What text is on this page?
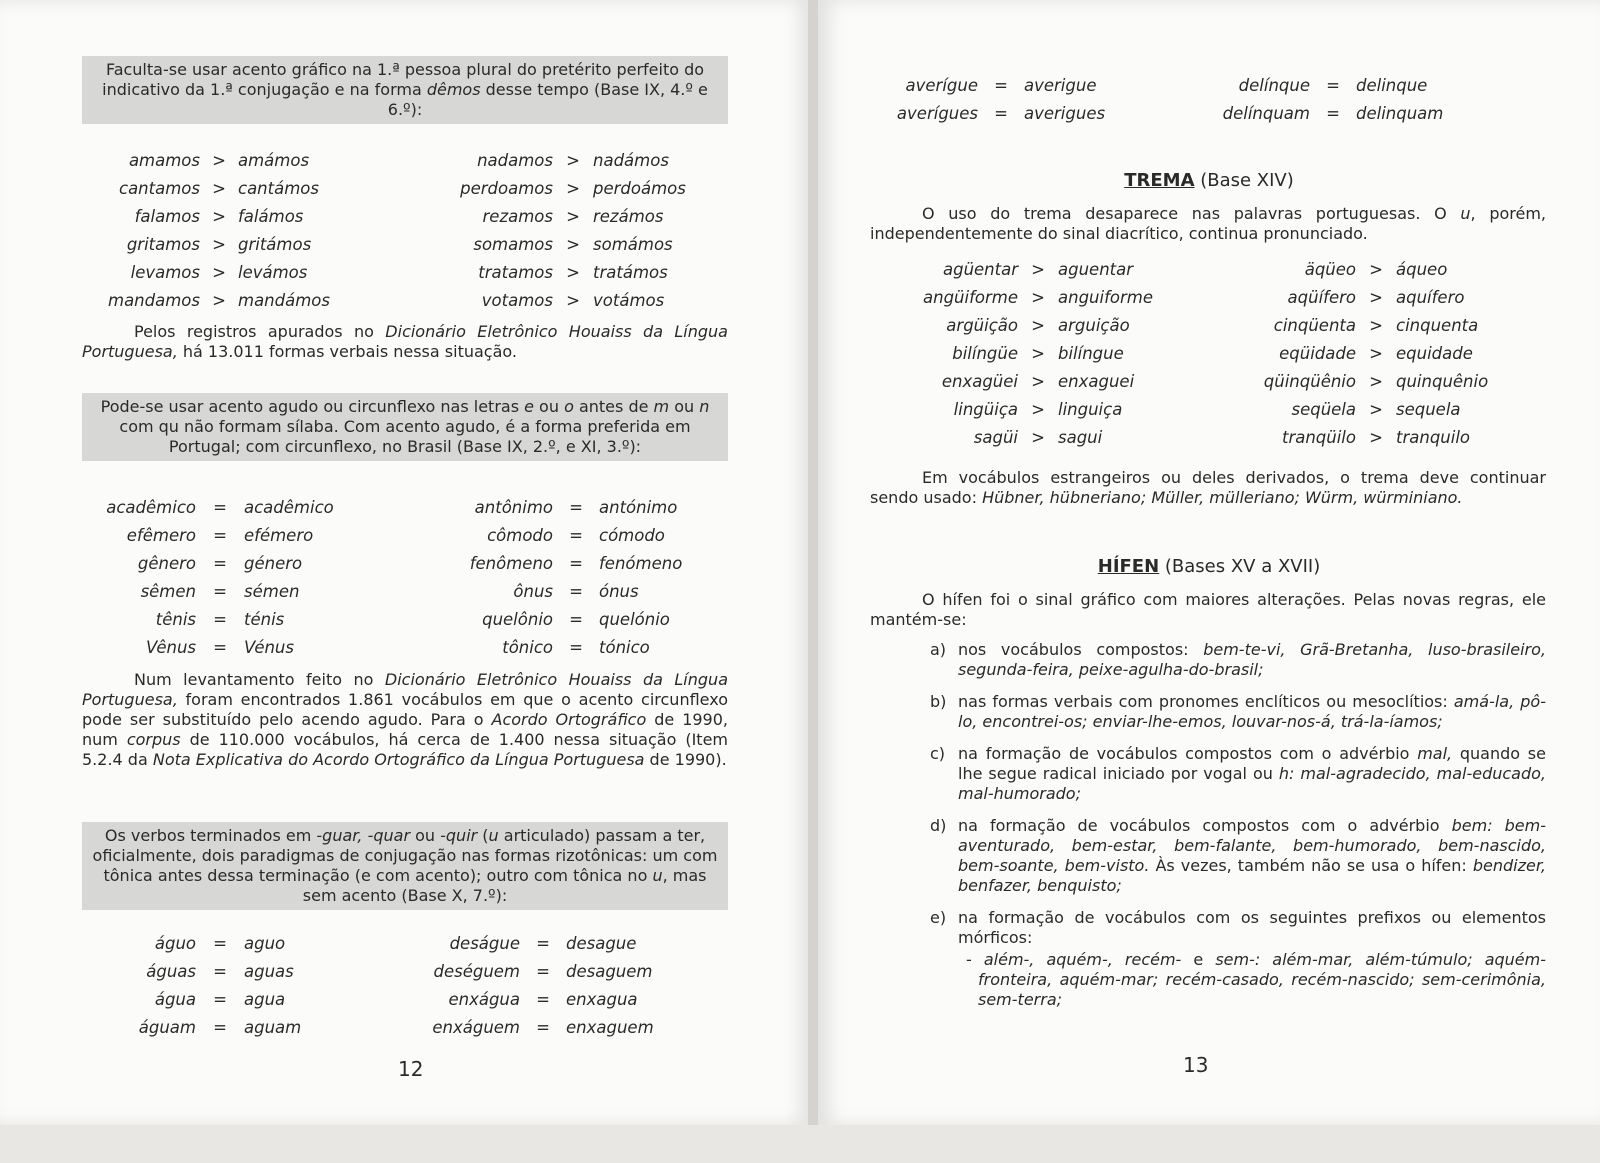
Faculta-se usar acento gráfico na 1.ª pessoa plural do pretérito perfeito do indicativo da 1.ª conjugação e na forma dêmos desse tempo (Base IX, 4.º e 6.º):
amamos > amámos
cantamos > cantámos
falamos > falámos
gritamos > gritámos
levamos > levámos
mandamos > mandámos
nadamos > nadámos
perdoamos > perdoámos
rezamos > rezámos
somamos > somámos
tratamos > tratámos
votamos > votámos
Pelos registros apurados no Dicionário Eletrônico Houaiss da Língua Portuguesa, há 13.011 formas verbais nessa situação.
Pode-se usar acento agudo ou circunflexo nas letras e ou o antes de m ou n com qu não formam sílaba. Com acento agudo, é a forma preferida em Portugal; com circunflexo, no Brasil (Base IX, 2.º, e XI, 3.º):
acadêmico = acadêmico
efêmero = efémero
gênero = género
sêmen = sémen
tênis = ténis
Vênus = Vénus
antônimo = antónimo
cômodo = cómodo
fenômeno = fenómeno
ônus = ónus
quelônio = quelónio
tônico = tónico
Num levantamento feito no Dicionário Eletrônico Houaiss da Língua Portuguesa, foram encontrados 1.861 vocábulos em que o acento circunflexo pode ser substituído pelo acendo agudo. Para o Acordo Ortográfico de 1990, num corpus de 110.000 vocábulos, há cerca de 1.400 nessa situação (Item 5.2.4 da Nota Explicativa do Acordo Ortográfico da Língua Portuguesa de 1990).
Os verbos terminados em -guar, -quar ou -quir (u articulado) passam a ter, oficialmente, dois paradigmas de conjugação nas formas rizotônicas: um com tônica antes dessa terminação (e com acento); outro com tônica no u, mas sem acento (Base X, 7.º):
águo = aguo
águas = aguas
água = agua
águam = aguam
deságue = desague
deséguem = desaguem
enxágua = enxagua
enxáguem = enxaguem
12
averígue = averigue
averígues = averigues
delínque = delinque
delínquam = delinquam
TREMA (Base XIV)
O uso do trema desaparece nas palavras portuguesas. O u, porém, independentemente do sinal diacrítico, continua pronunciado.
agüentar > aguentar
angüiforme > anguiforme
argüição > arguição
bilíngüe > bilíngue
enxagüei > enxaguei
lingüiça > linguiça
sagüi > sagui
äqüeo > áqueo
aqüífero > aquífero
cinqüenta > cinquenta
eqüidade > equidade
qüinqüênio > quinquênio
seqüela > sequela
tranqüilo > tranquilo
Em vocábulos estrangeiros ou deles derivados, o trema deve continuar sendo usado: Hübner, hübneriano; Müller, mülleriano; Würm, würminiano.
HÍFEN (Bases XV a XVII)
O hífen foi o sinal gráfico com maiores alterações. Pelas novas regras, ele mantém-se:
a) nos vocábulos compostos: bem-te-vi, Grã-Bretanha, luso-brasileiro, segunda-feira, peixe-agulha-do-brasil;
b) nas formas verbais com pronomes enclíticos ou mesoclítios: amá-la, pô-lo, encontrei-os; enviar-lhe-emos, louvar-nos-á, trá-la-íamos;
c) na formação de vocábulos compostos com o advérbio mal, quando se lhe segue radical iniciado por vogal ou h: mal-agradecido, mal-educado, mal-humorado;
d) na formação de vocábulos compostos com o advérbio bem: bem-aventurado, bem-estar, bem-falante, bem-humorado, bem-nascido, bem-soante, bem-visto. Às vezes, também não se usa o hífen: bendizer, benfazer, benquisto;
e) na formação de vocábulos com os seguintes prefixos ou elementos mórficos:
- além-, aquém-, recém- e sem-: além-mar, além-túmulo; aquém-fronteira, aquém-mar; recém-casado, recém-nascido; sem-cerimônia, sem-terra;
13
